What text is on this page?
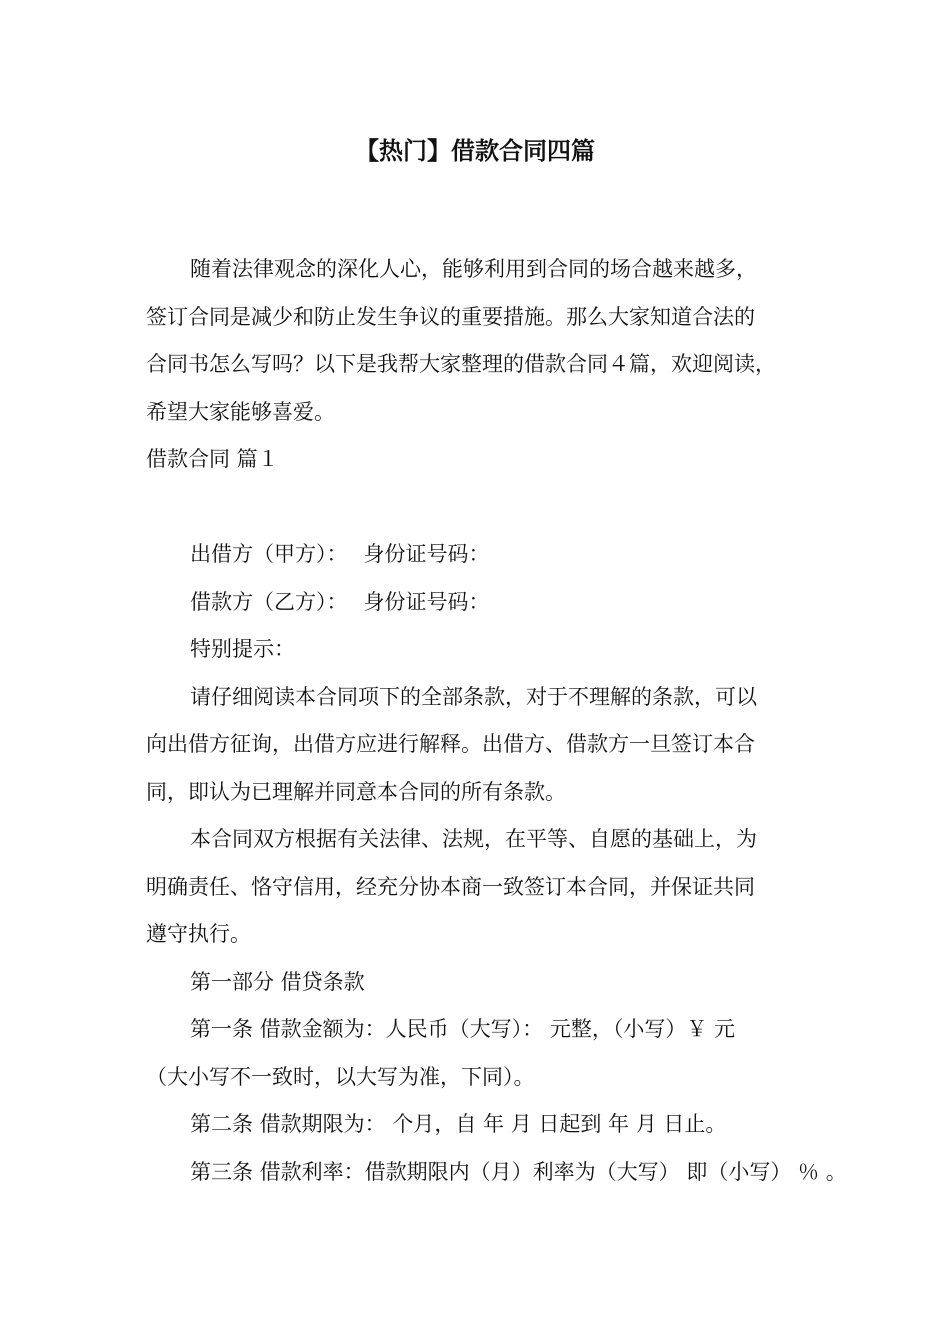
【热门】借款合同四篇

随着法律观念的深化人心，能够利用到合同的场合越来越多，

签订合同是减少和防止发生争议的重要措施。那么大家知道合法的

合同书怎么写吗？以下是我帮大家整理的借款合同４篇，欢迎阅读，

希望大家能够喜爱。

借款合同 篇１

出借方（甲方）： 身份证号码：

借款方（乙方）： 身份证号码：

特别提示：

请仔细阅读本合同项下的全部条款，对于不理解的条款，可以

向出借方征询，出借方应进行解释。出借方、借款方一旦签订本合

同，即认为已理解并同意本合同的所有条款。

本合同双方根据有关法律、法规，在平等、自愿的基础上，为

明确责任、恪守信用，经充分协本商一致签订本合同，并保证共同

遵守执行。

第一部分 借贷条款

第一条 借款金额为：人民币（大写）： 元整，（小写）￥ 元

（大小写不一致时，以大写为准，下同）。

第二条 借款期限为： 个月，自 年 月 日起到 年 月 日止。

第三条 借款利率：借款期限内（月）利率为（大写） 即（小写） ％ 。
